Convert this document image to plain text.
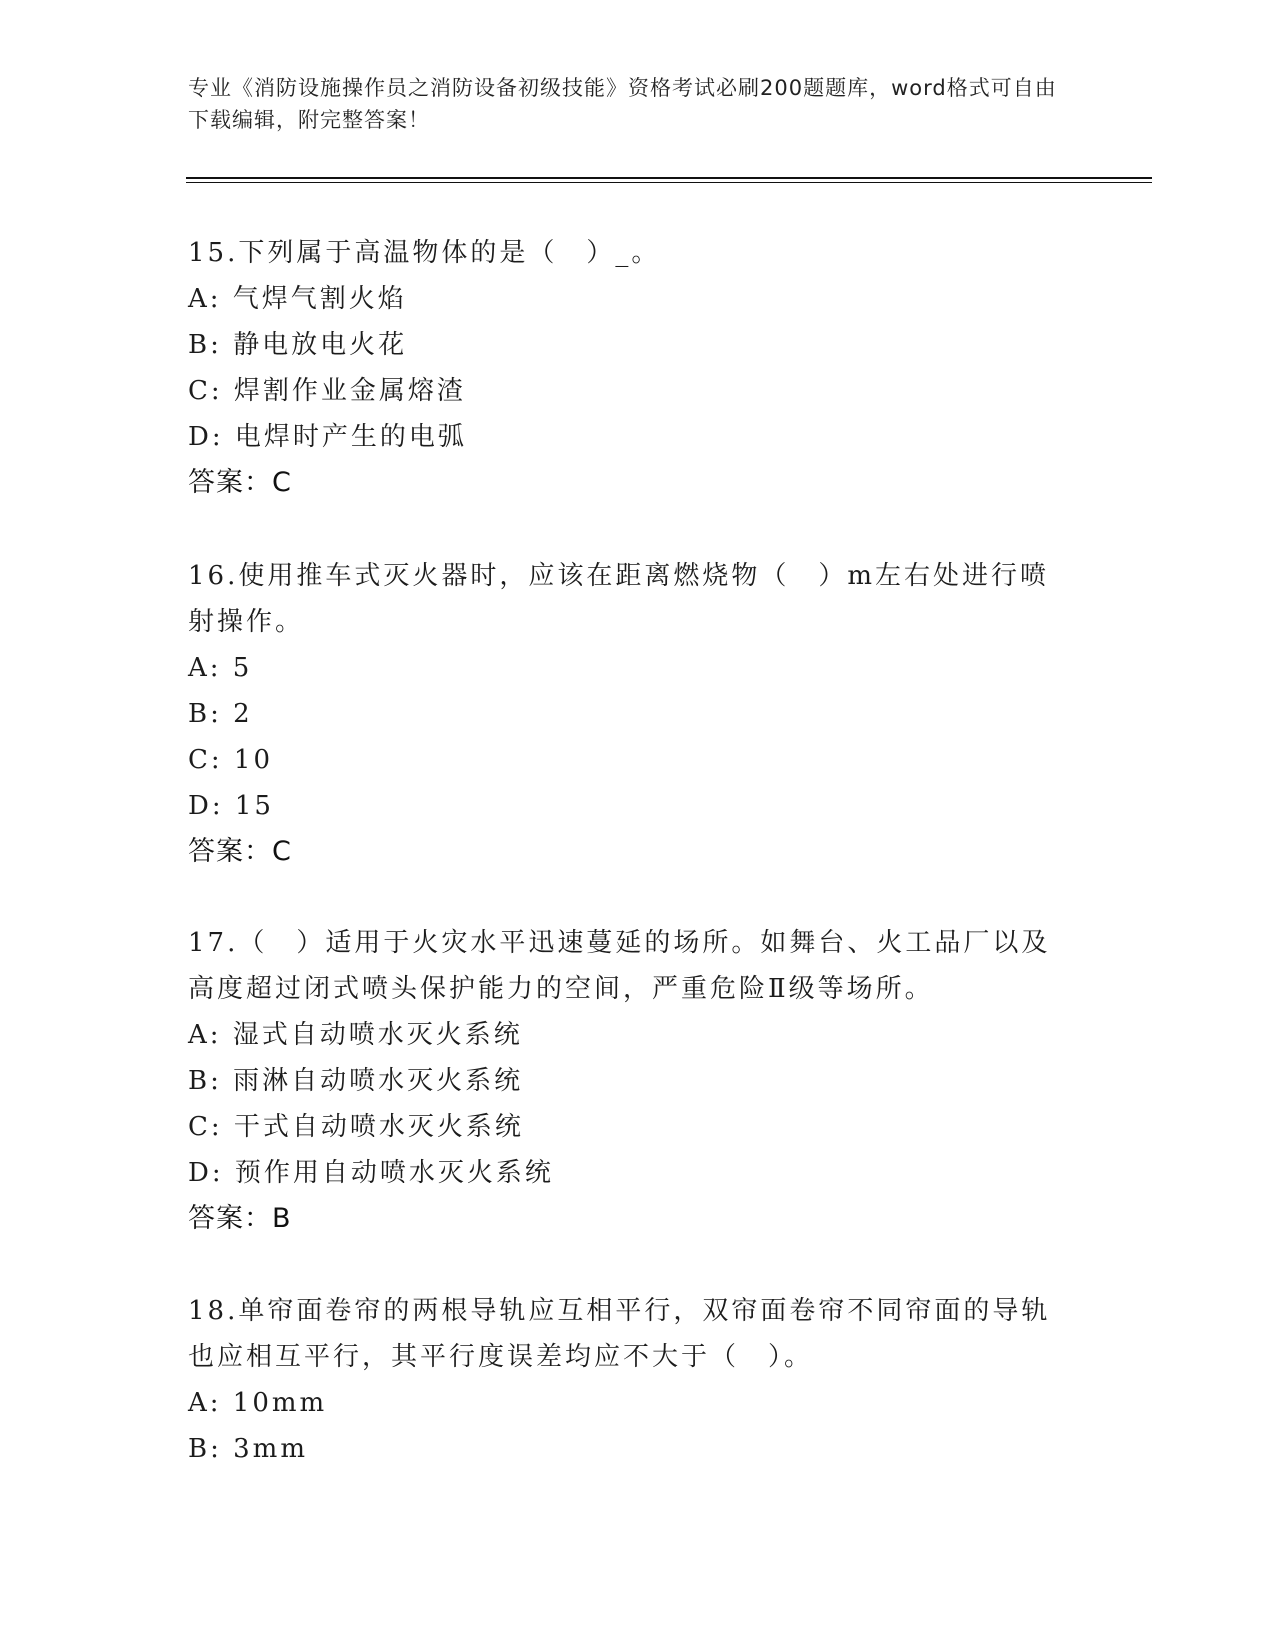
专业《消防设施操作员之消防设备初级技能》资格考试必刷200题题库，word格式可自由下载编辑，附完整答案！
15.下列属于高温物体的是（　）_。
A: 气焊气割火焰
B: 静电放电火花
C: 焊割作业金属熔渣
D: 电焊时产生的电弧
答案：C
16.使用推车式灭火器时，应该在距离燃烧物（　）m左右处进行喷射操作。
A: 5
B: 2
C: 10
D: 15
答案：C
17.（　）适用于火灾水平迅速蔓延的场所。如舞台、火工品厂以及高度超过闭式喷头保护能力的空间，严重危险Ⅱ级等场所。
A: 湿式自动喷水灭火系统
B: 雨淋自动喷水灭火系统
C: 干式自动喷水灭火系统
D: 预作用自动喷水灭火系统
答案：B
18.单帘面卷帘的两根导轨应互相平行，双帘面卷帘不同帘面的导轨也应相互平行，其平行度误差均应不大于（　）。
A: 10mm
B: 3mm
